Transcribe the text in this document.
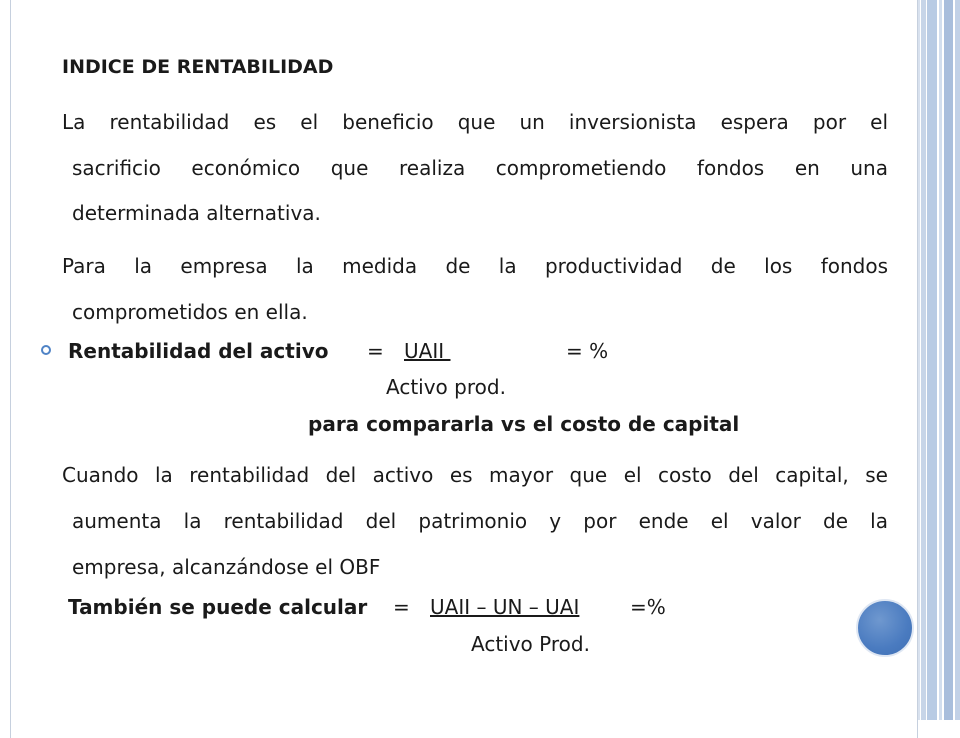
INDICE DE RENTABILIDAD
La rentabilidad es el beneficio que un inversionista espera por el
sacrificio económico que realiza comprometiendo fondos en una
determinada alternativa.
Para la empresa la medida de la productividad de los fondos
comprometidos en ella.
Rentabilidad del activo = UAII	= %
Activo prod.
para compararla vs el costo de capital
Cuando la rentabilidad del activo es mayor que el costo del capital, se
aumenta la rentabilidad del patrimonio y por ende el valor de la
empresa, alcanzándose el OBF
También se puede calcular = UAII – UN – UAI	=%
Activo Prod.
